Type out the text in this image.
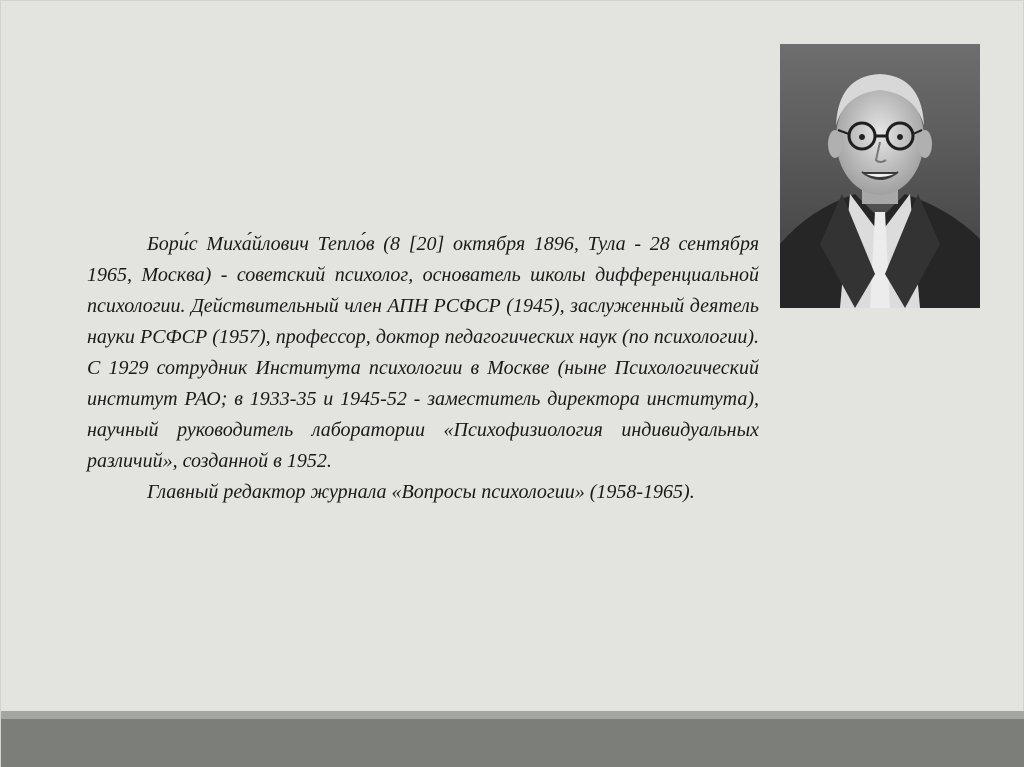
Бори́с Миха́йлович Тепло́в (8 [20] октября 1896, Тула - 28 сентября 1965, Москва) - советский психолог, основатель школы дифференциальной психологии. Действительный член АПН РСФСР (1945), заслуженный деятель науки РСФСР (1957), профессор, доктор педагогических наук (по психологии). С 1929 сотрудник Института психологии в Москве (ныне Психологический институт РАО; в 1933-35 и 1945-52 - заместитель директора института), научный руководитель лаборатории «Психофизиология индивидуальных различий», созданной в 1952.

Главный редактор журнала «Вопросы психологии» (1958-1965).
